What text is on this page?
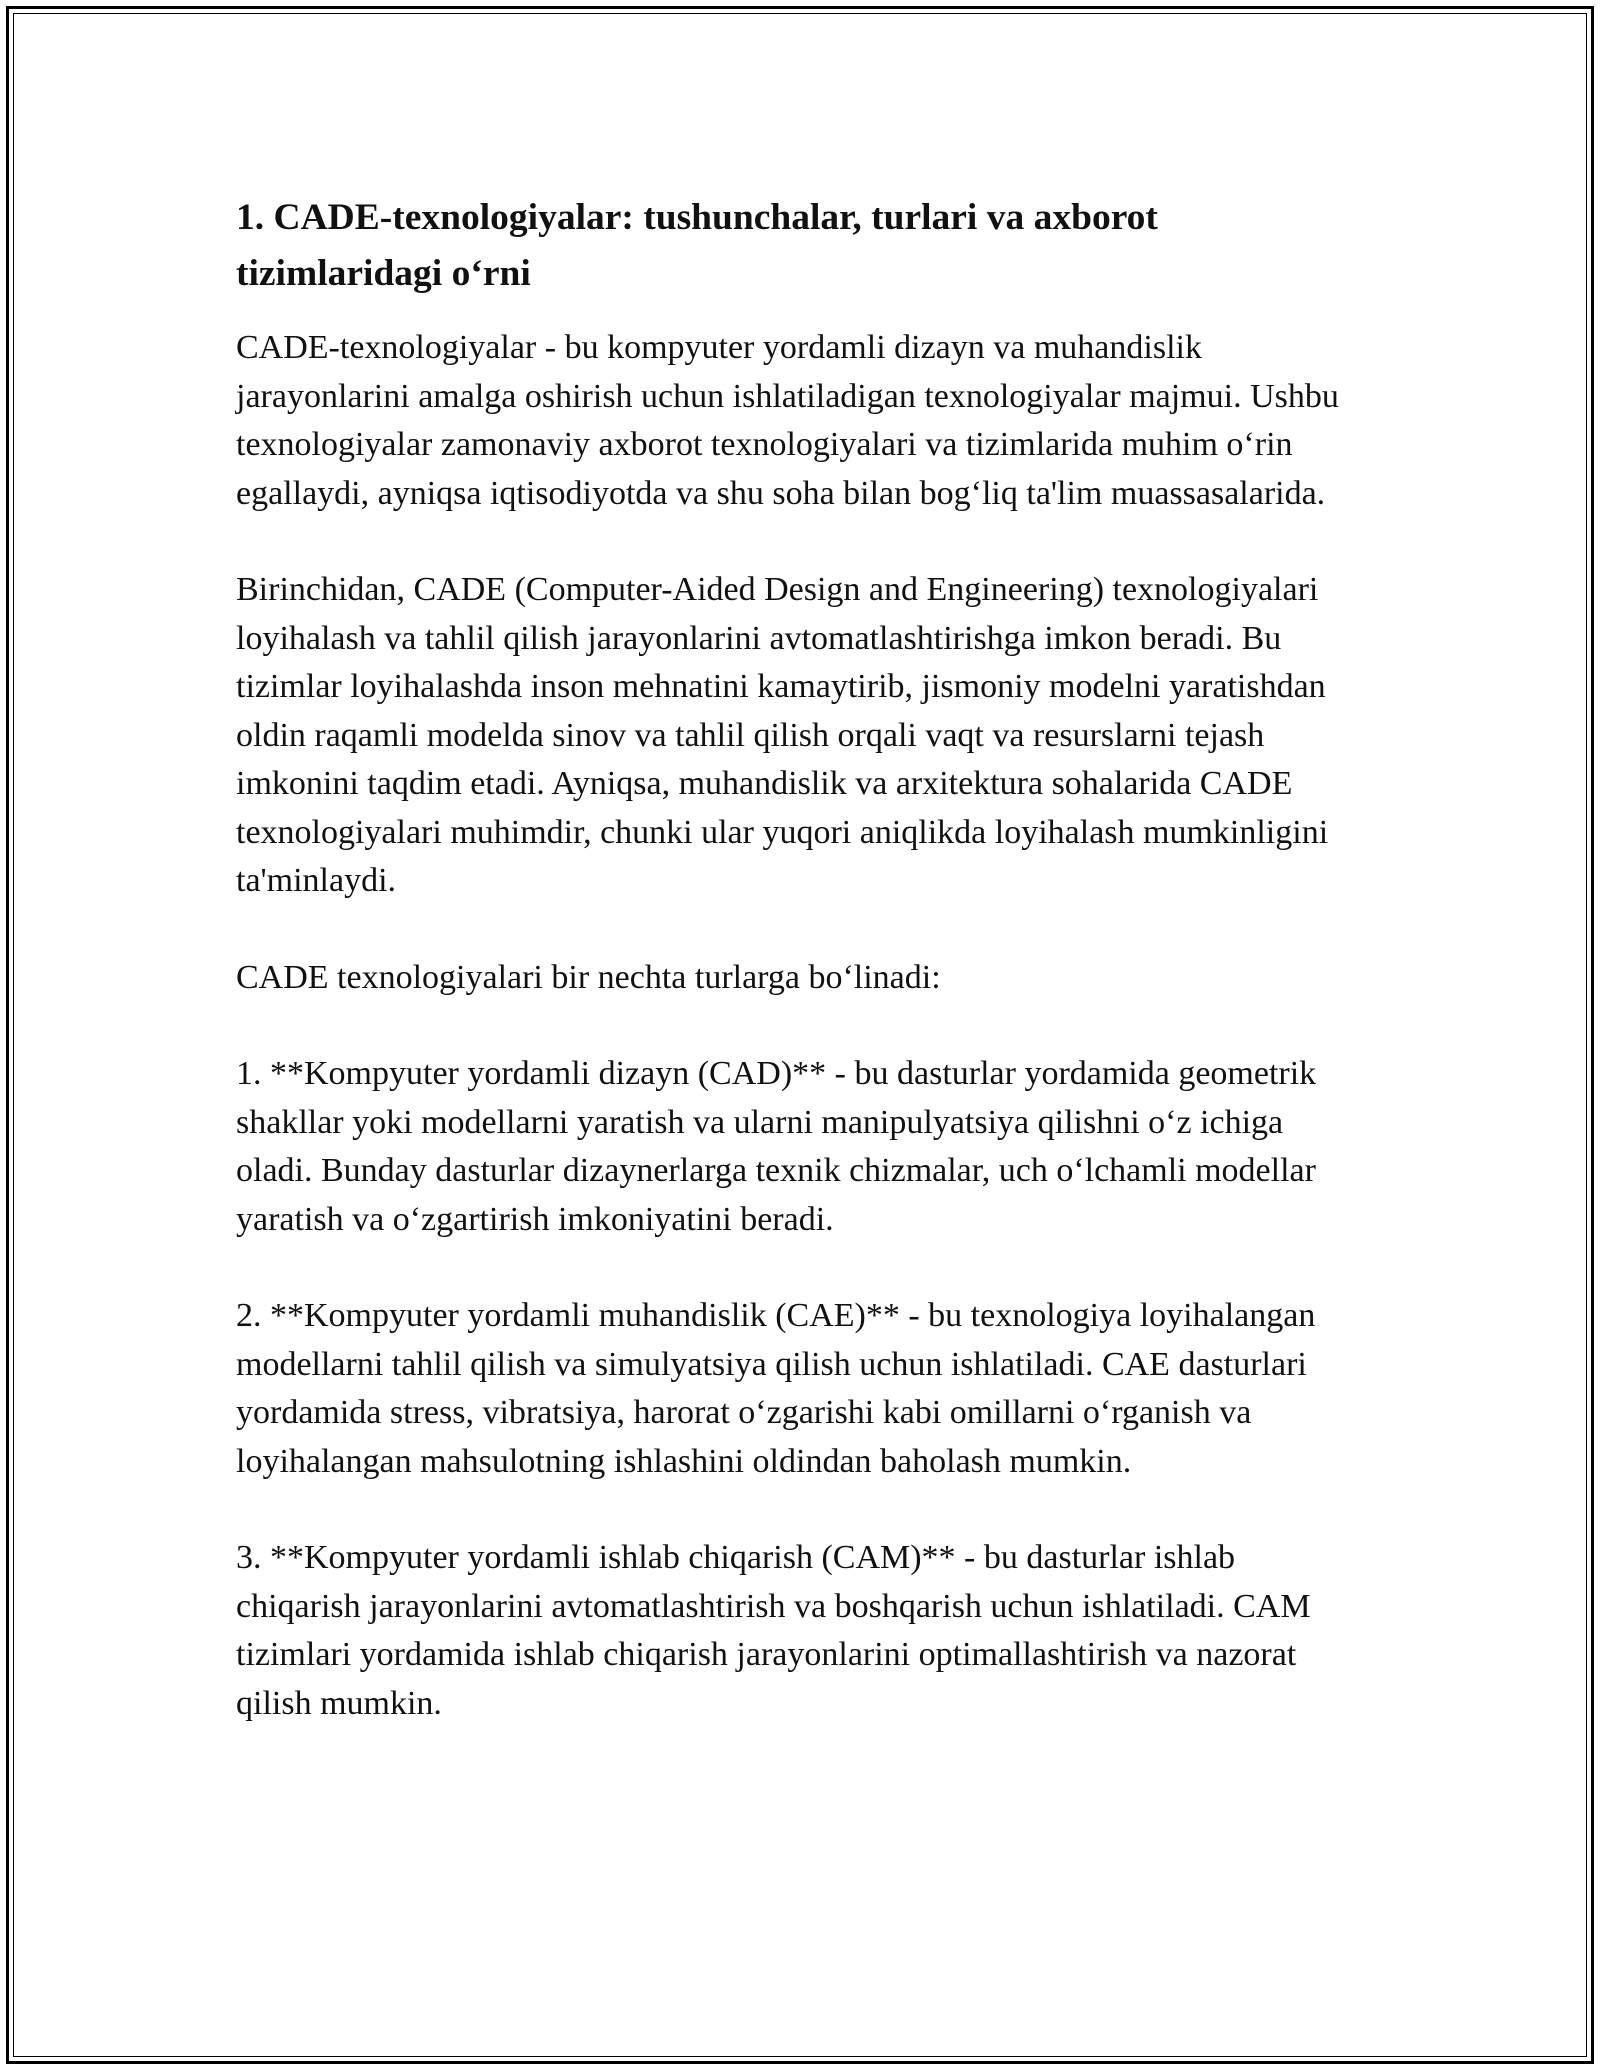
1. CADE-texnologiyalar: tushunchalar, turlari va axborot tizimlaridagi o‘rni

CADE-texnologiyalar - bu kompyuter yordamli dizayn va muhandislik jarayonlarini amalga oshirish uchun ishlatiladigan texnologiyalar majmui. Ushbu texnologiyalar zamonaviy axborot texnologiyalari va tizimlarida muhim o‘rin egallaydi, ayniqsa iqtisodiyotda va shu soha bilan bog‘liq ta'lim muassasalarida.

Birinchidan, CADE (Computer-Aided Design and Engineering) texnologiyalari loyihalash va tahlil qilish jarayonlarini avtomatlashtirishga imkon beradi. Bu tizimlar loyihalashda inson mehnatini kamaytirib, jismoniy modelni yaratishdan oldin raqamli modelda sinov va tahlil qilish orqali vaqt va resurslarni tejash imkonini taqdim etadi. Ayniqsa, muhandislik va arxitektura sohalarida CADE texnologiyalari muhimdir, chunki ular yuqori aniqlikda loyihalash mumkinligini ta'minlaydi.

CADE texnologiyalari bir nechta turlarga bo‘linadi:

1. **Kompyuter yordamli dizayn (CAD)** - bu dasturlar yordamida geometrik shakllar yoki modellarni yaratish va ularni manipulyatsiya qilishni o‘z ichiga oladi. Bunday dasturlar dizaynerlarga texnik chizmalar, uch o‘lchamli modellar yaratish va o‘zgartirish imkoniyatini beradi.

2. **Kompyuter yordamli muhandislik (CAE)** - bu texnologiya loyihalangan modellarni tahlil qilish va simulyatsiya qilish uchun ishlatiladi. CAE dasturlari yordamida stress, vibratsiya, harorat o‘zgarishi kabi omillarni o‘rganish va loyihalangan mahsulotning ishlashini oldindan baholash mumkin.

3. **Kompyuter yordamli ishlab chiqarish (CAM)** - bu dasturlar ishlab chiqarish jarayonlarini avtomatlashtirish va boshqarish uchun ishlatiladi. CAM tizimlari yordamida ishlab chiqarish jarayonlarini optimallashtirish va nazorat qilish mumkin.
